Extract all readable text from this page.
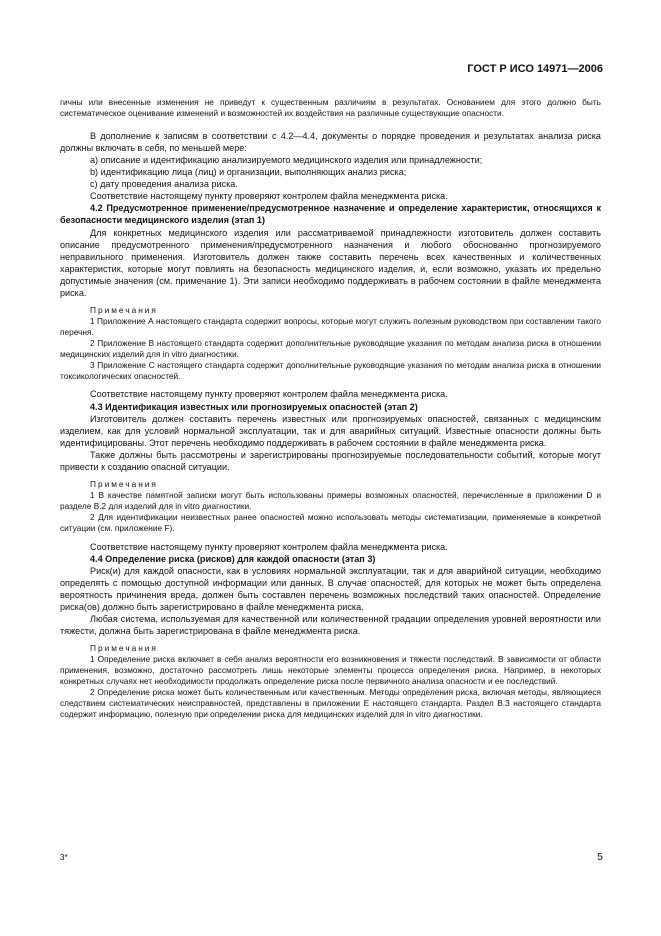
ГОСТ Р ИСО 14971—2006

гичны или внесенные изменения не приведут к существенным различиям в результатах. Основанием для этого должно быть систематическое оценивание изменений и возможностей их воздействия на различные существующие опасности.

В дополнение к записям в соответствии с 4.2—4.4, документы о порядке проведения и результатах анализа риска должны включать в себя, по меньшей мере:

а) описание и идентификацию анализируемого медицинского изделия или принадлежности;

b) идентификацию лица (лиц) и организации, выполняющих анализ риска;

с) дату проведения анализа риска.

Соответствие настоящему пункту проверяют контролем файла менеджмента риска.

4.2 Предусмотренное применение/предусмотренное назначение и определение характеристик, относящихся к безопасности медицинского изделия (этап 1)

Для конкретных медицинского изделия или рассматриваемой принадлежности изготовитель должен составить описание предусмотренного применения/предусмотренного назначения и любого обоснованно прогнозируемого неправильного применения. Изготовитель должен также составить перечень всех качественных и количественных характеристик, которые могут повлиять на безопасность медицинского изделия, и, если возможно, указать их предельно допустимые значения (см. примечание 1). Эти записи необходимо поддерживать в рабочем состоянии в файле менеджмента риска.

Примечания

1 Приложение А настоящего стандарта содержит вопросы, которые могут служить полезным руководством при составлении такого перечня.

2 Приложение В настоящего стандарта содержит дополнительные руководящие указания по методам анализа риска в отношении медицинских изделий для in vitro диагностики.

3 Приложение С настоящего стандарта содержит дополнительные руководящие указания по методам анализа риска в отношении токсикологических опасностей.

Соответствие настоящему пункту проверяют контролем файла менеджмента риска.

4.3 Идентификация известных или прогнозируемых опасностей (этап 2)

Изготовитель должен составить перечень известных или прогнозируемых опасностей, связанных с медицинским изделием, как для условий нормальной эксплуатации, так и для аварийных ситуаций. Известные опасности должны быть идентифицированы. Этот перечень необходимо поддерживать в рабочем состоянии в файле менеджмента риска.

Также должны быть рассмотрены и зарегистрированы прогнозируемые последовательности событий, которые могут привести к созданию опасной ситуации.

Примечания

1 В качестве памятной записки могут быть использованы примеры возможных опасностей, перечисленные в приложении D и разделе В.2 для изделий для in vitro диагностики.

2 Для идентификации неизвестных ранее опасностей можно использовать методы систематизации, применяемые в конкретной ситуации (см. приложение F).

Соответствие настоящему пункту проверяют контролем файла менеджмента риска.

4.4 Определение риска (рисков) для каждой опасности (этап 3)

Риск(и) для каждой опасности, как в условиях нормальной эксплуатации, так и для аварийной ситуации, необходимо определять с помощью доступной информации или данных. В случае опасностей, для которых не может быть определена вероятность причинения вреда, должен быть составлен перечень возможных последствий таких опасностей. Определение риска(ов) должно быть зарегистрировано в файле менеджмента риска.

Любая система, используемая для качественной или количественной градации определения уровней вероятности или тяжести, должна быть зарегистрирована в файле менеджмента риска.

Примечания

1 Определение риска включает в себя анализ вероятности его возникновения и тяжести последствий. В зависимости от области применения, возможно, достаточно рассмотреть лишь некоторые элементы процесса определения риска. Например, в некоторых конкретных случаях нет необходимости продолжать определение риска после первичного анализа опасности и ее последствий.

2 Определение риска может быть количественным или качественным. Методы определения риска, включая методы, являющиеся следствием систематических неисправностей, представлены в приложении Е настоящего стандарта. Раздел В.3 настоящего стандарта содержит информацию, полезную при определении риска для медицинских изделий для in vitro диагностики.

3*	5
